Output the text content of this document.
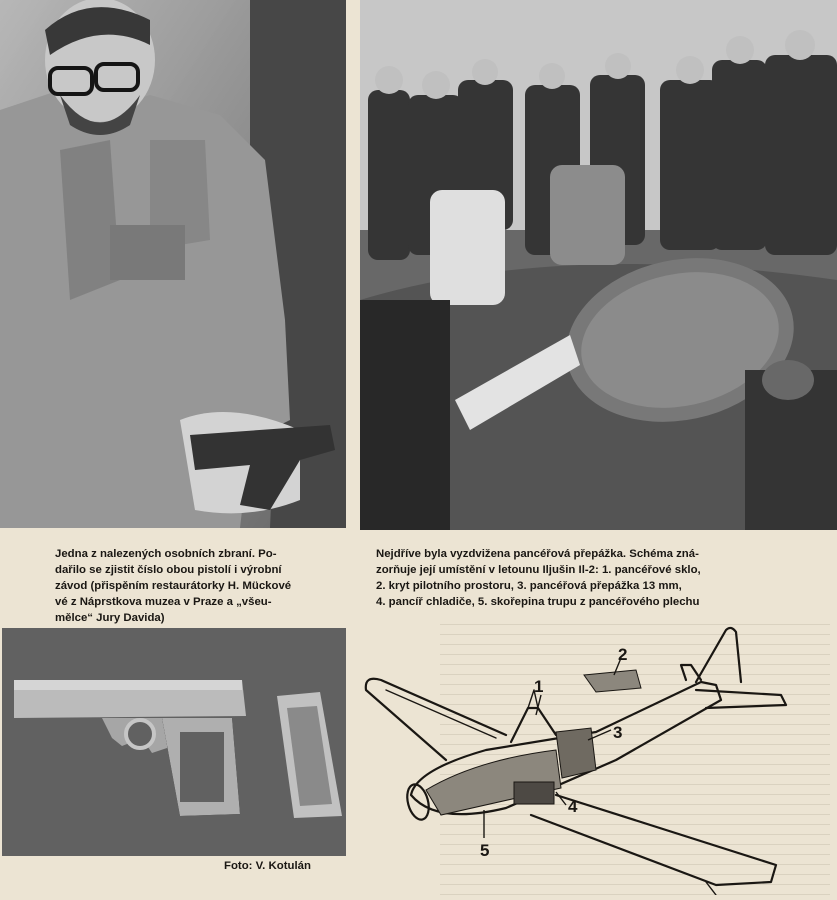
Jedna z nalezených osobních zbraní. Po-
dařilo se zjistit číslo obou pistolí i výrobní
závod (přispěním restaurátorky H. Mückové
vé z Náprstkova muzea v Praze a „všeu-
mělce“ Jury Davida)
Nejdříve byla vyzdvižena pancéřová přepážka. Schéma zná-
zorňuje její umístění v letounu Iljušin Il-2: 1. pancéřové sklo,
2. kryt pilotního prostoru, 3. pancéřová přepážka 13 mm,
4. pancíř chladiče, 5. skořepina trupu z pancéřového plechu
Foto: V. Kotulán
1
2
3
4
5
